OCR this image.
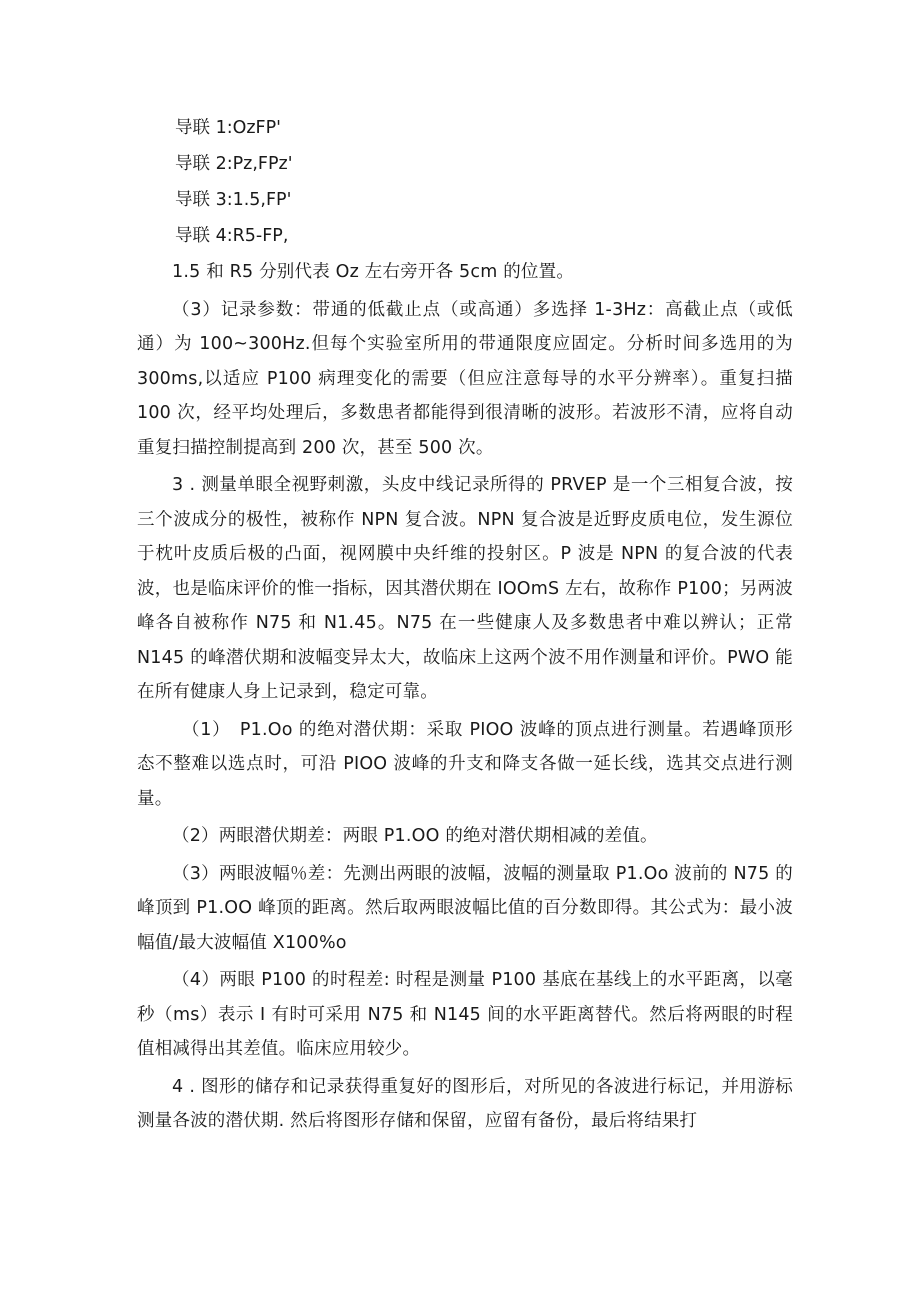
导联 1:OzFP'
导联 2:Pz,FPz'
导联 3:1.5,FP'
导联 4:R5-FP,

1.5 和 R5 分别代表 Oz 左右旁开各 5cm 的位置。

（3）记录参数：带通的低截止点（或高通）多选择 1-3Hz：高截止点（或低通）为 100~300Hz.但每个实验室所用的带通限度应固定。分析时间多选用的为 300ms,以适应 P100 病理变化的需要（但应注意每导的水平分辨率）。重复扫描 100 次，经平均处理后，多数患者都能得到很清晰的波形。若波形不清，应将自动重复扫描控制提高到 200 次，甚至 500 次。

3 . 测量单眼全视野刺激，头皮中线记录所得的 PRVEP 是一个三相复合波，按三个波成分的极性，被称作 NPN 复合波。NPN 复合波是近野皮质电位，发生源位于枕叶皮质后极的凸面，视网膜中央纤维的投射区。P 波是 NPN 的复合波的代表波，也是临床评价的惟一指标，因其潜伏期在 IOOmS 左右，故称作 P100；另两波峰各自被称作 N75 和 N1.45。N75 在一些健康人及多数患者中难以辨认；正常 N145 的峰潜伏期和波幅变异太大，故临床上这两个波不用作测量和评价。PWO 能在所有健康人身上记录到，稳定可靠。

（1）　P1.Oo 的绝对潜伏期：采取 PIOO 波峰的顶点进行测量。若遇峰顶形态不整难以选点时，可沿 PIOO 波峰的升支和降支各做一延长线，选其交点进行测量。

（2）两眼潜伏期差：两眼 P1.OO 的绝对潜伏期相减的差值。

（3）两眼波幅％差：先测出两眼的波幅，波幅的测量取 P1.Oo 波前的 N75 的峰顶到 P1.OO 峰顶的距离。然后取两眼波幅比值的百分数即得。其公式为：最小波幅值/最大波幅值 X100%o

（4）两眼 P100 的时程差: 时程是测量 P100 基底在基线上的水平距离，以毫秒（ms）表示 I 有时可采用 N75 和 N145 间的水平距离替代。然后将两眼的时程值相减得出其差值。临床应用较少。

4 . 图形的储存和记录获得重复好的图形后，对所见的各波进行标记，并用游标测量各波的潜伏期. 然后将图形存储和保留，应留有备份，最后将结果打
